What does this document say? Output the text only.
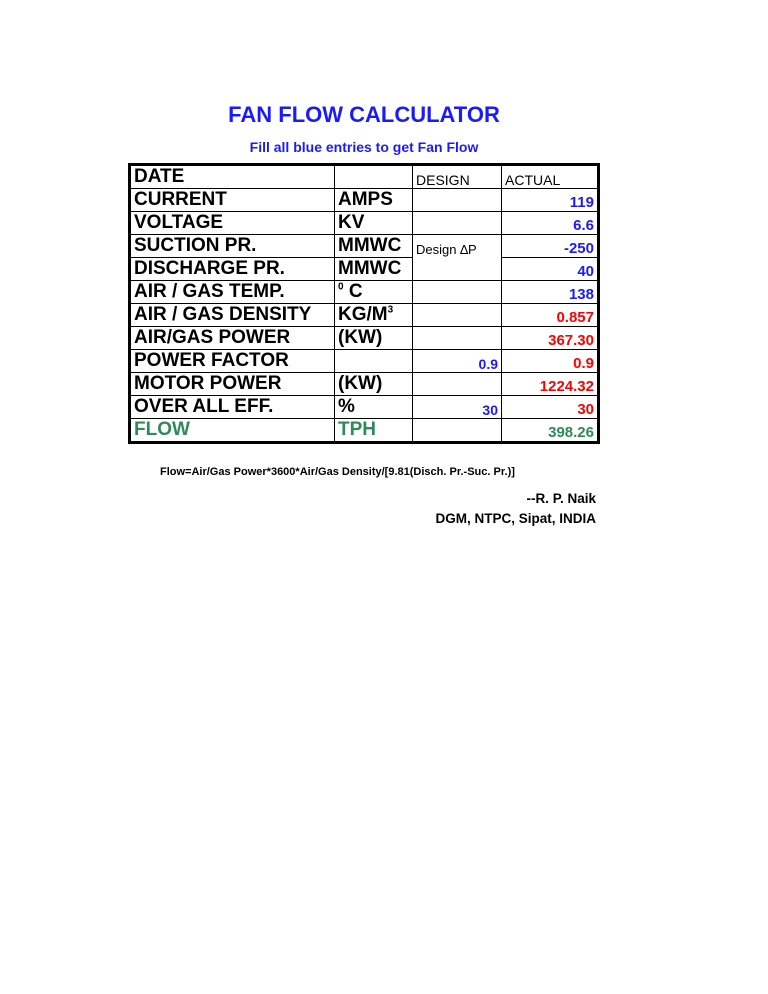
FAN FLOW CALCULATOR
Fill all blue entries to get Fan Flow
DATE		DESIGN	ACTUAL
CURRENT	AMPS		119
VOLTAGE	KV		6.6
SUCTION PR.	MMWC	Design ∆P	-250
DISCHARGE PR.	MMWC		40
AIR / GAS TEMP.	$^0$ C		138
AIR / GAS DENSITY	$KG/M^3$		0.857
AIR/GAS POWER	(KW)		367.30
POWER FACTOR		0.9	0.9
MOTOR POWER	(KW)		1224.32
OVER ALL EFF.	%	30	30
FLOW	TPH		398.26
Flow=Air/Gas Power*3600*Air/Gas Density/[9.81(Disch. Pr.-Suc. Pr.)]
--R. P. Naik
DGM, NTPC, Sipat, INDIA
